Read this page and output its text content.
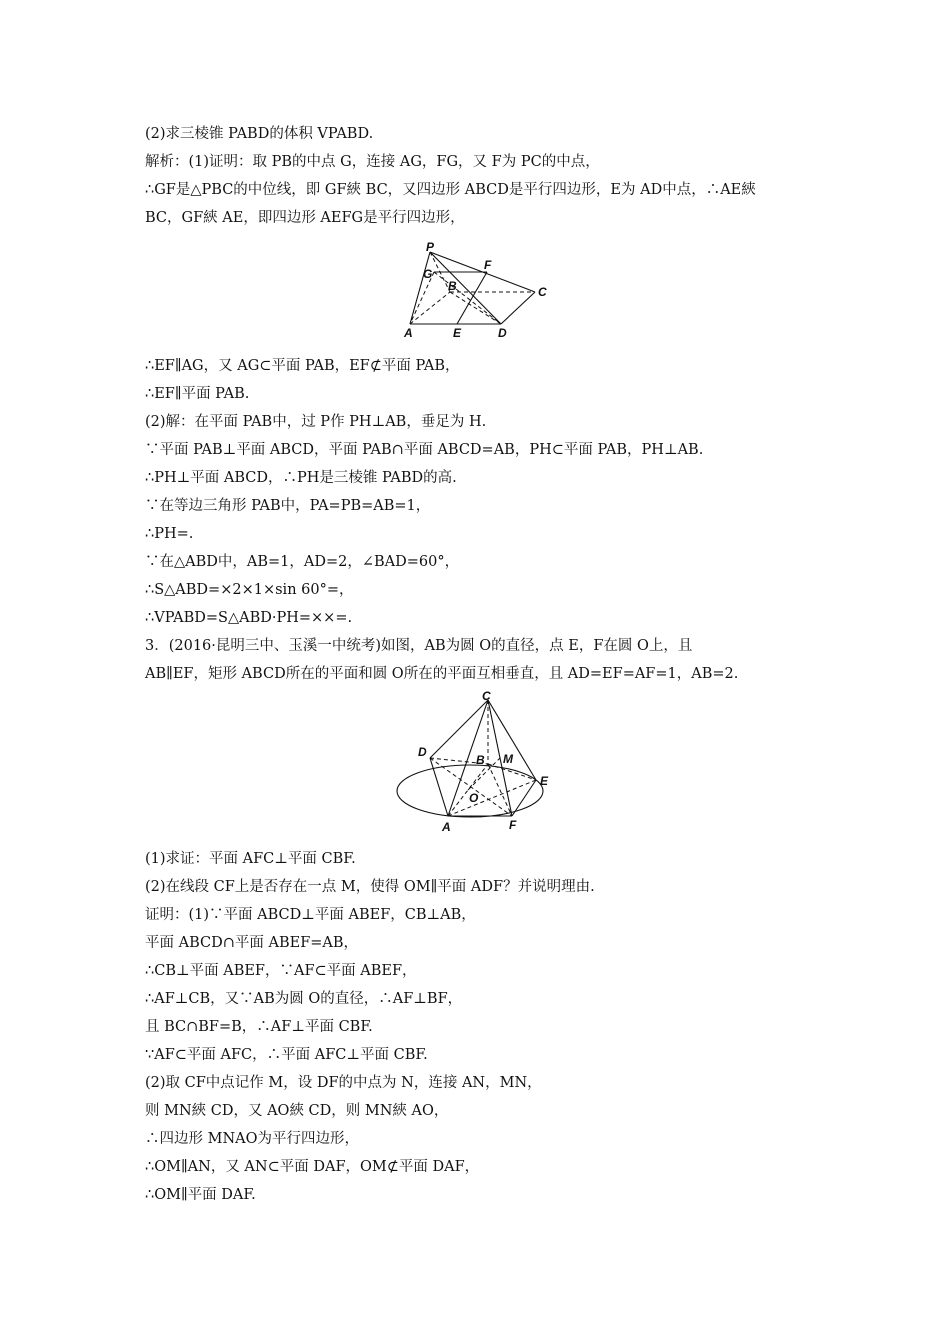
(2)求三棱锥 PABD的体积 VPABD.
解析：(1)证明：取 PB的中点 G，连接 AG，FG，又 F为 PC的中点，
∴GF是△PBC的中位线，即 GF綊 BC，又四边形 ABCD是平行四边形，E为 AD中点，∴AE綊
BC，GF綊 AE，即四边形 AEFG是平行四边形，
P
G
F
B	C
A	E	D
∴EF∥AG，又 AG⊂平面 PAB，EF⊄平面 PAB，
∴EF∥平面 PAB.
(2)解：在平面 PAB中，过 P作 PH⊥AB，垂足为 H.
∵平面 PAB⊥平面 ABCD，平面 PAB∩平面 ABCD=AB，PH⊂平面 PAB，PH⊥AB.
∴PH⊥平面 ABCD，∴PH是三棱锥 PABD的高.
∵在等边三角形 PAB中，PA=PB=AB=1，
∴PH=.
∵在△ABD中，AB=1，AD=2，∠BAD=60°，
∴S△ABD=×2×1×sin 60°=，
∴VPABD=S△ABD·PH=××=.
3．(2016·昆明三中、玉溪一中统考)如图，AB为圆 O的直径，点 E，F在圆 O上，且
AB∥EF，矩形 ABCD所在的平面和圆 O所在的平面互相垂直，且 AD=EF=AF=1，AB=2.
C
D
B M
E
O
A	F
(1)求证：平面 AFC⊥平面 CBF.
(2)在线段 CF上是否存在一点 M，使得 OM∥平面 ADF？并说明理由.
证明：(1)∵平面 ABCD⊥平面 ABEF，CB⊥AB，
平面 ABCD∩平面 ABEF=AB，
∴CB⊥平面 ABEF，∵AF⊂平面 ABEF，
∴AF⊥CB，又∵AB为圆 O的直径，∴AF⊥BF，
且 BC∩BF=B，∴AF⊥平面 CBF.
∵AF⊂平面 AFC，∴平面 AFC⊥平面 CBF.
(2)取 CF中点记作 M，设 DF的中点为 N，连接 AN，MN，
则 MN綊 CD，又 AO綊 CD，则 MN綊 AO，
∴四边形 MNAO为平行四边形，
∴OM∥AN，又 AN⊂平面 DAF，OM⊄平面 DAF，
∴OM∥平面 DAF.
